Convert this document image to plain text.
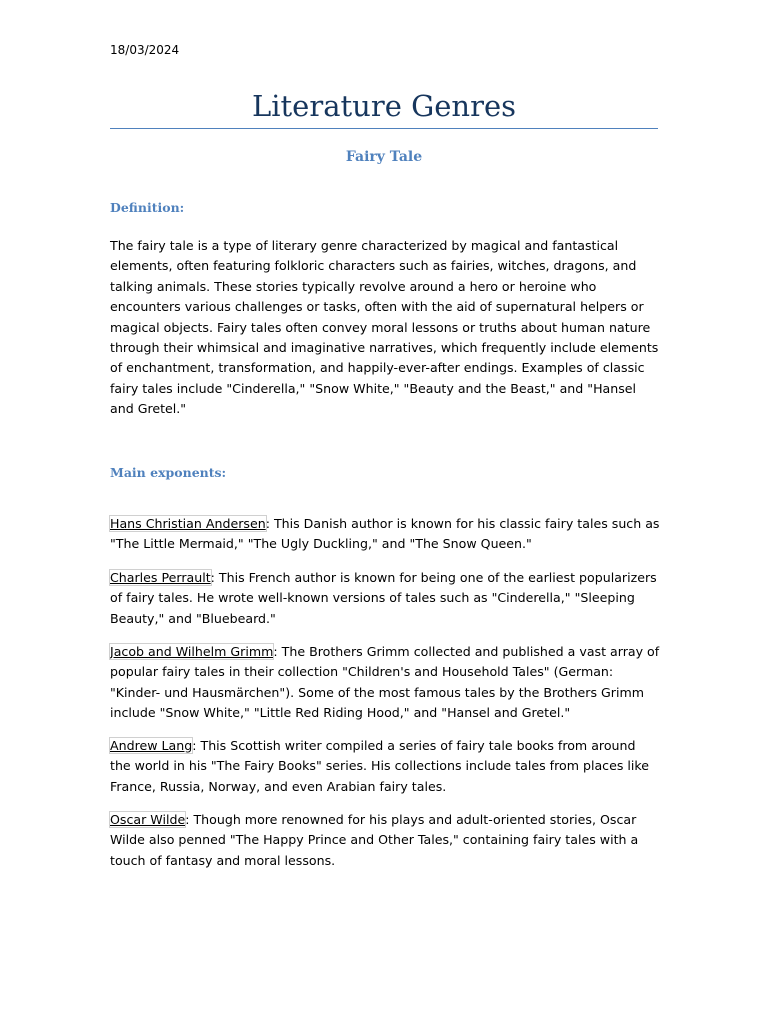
18/03/2024
Literature Genres
Fairy Tale
Definition:

The fairy tale is a type of literary genre characterized by magical and fantastical elements, often featuring folkloric characters such as fairies, witches, dragons, and talking animals. These stories typically revolve around a hero or heroine who encounters various challenges or tasks, often with the aid of supernatural helpers or magical objects. Fairy tales often convey moral lessons or truths about human nature through their whimsical and imaginative narratives, which frequently include elements of enchantment, transformation, and happily-ever-after endings. Examples of classic fairy tales include "Cinderella," "Snow White," "Beauty and the Beast," and "Hansel and Gretel."

Main exponents:

Hans Christian Andersen: This Danish author is known for his classic fairy tales such as "The Little Mermaid," "The Ugly Duckling," and "The Snow Queen."

Charles Perrault: This French author is known for being one of the earliest popularizers of fairy tales. He wrote well-known versions of tales such as "Cinderella," "Sleeping Beauty," and "Bluebeard."

Jacob and Wilhelm Grimm: The Brothers Grimm collected and published a vast array of popular fairy tales in their collection "Children's and Household Tales" (German: "Kinder- und Hausmärchen"). Some of the most famous tales by the Brothers Grimm include "Snow White," "Little Red Riding Hood," and "Hansel and Gretel."

Andrew Lang: This Scottish writer compiled a series of fairy tale books from around the world in his "The Fairy Books" series. His collections include tales from places like France, Russia, Norway, and even Arabian fairy tales.

Oscar Wilde: Though more renowned for his plays and adult-oriented stories, Oscar Wilde also penned "The Happy Prince and Other Tales," containing fairy tales with a touch of fantasy and moral lessons.
